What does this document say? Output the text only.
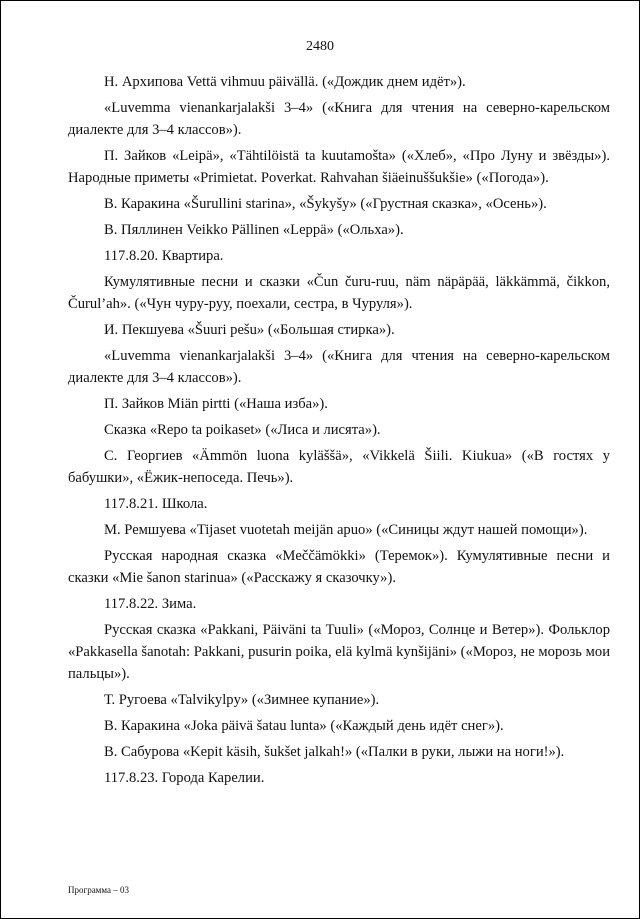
2480

Н. Архипова Vettä vihmuu päivällä. («Дождик днем идёт»).

«Luvemma vienankarjalakši 3–4» («Книга для чтения на северно-карельском диалекте для 3–4 классов»).

П. Зайков «Leipä», «Tähtilöistä ta kuutamošta» («Хлеб», «Про Луну и звёзды»). Народные приметы «Primietat. Poverkat. Rahvahan šiäeinuššukšie» («Погода»).

В. Каракина «Šurullini starina», «Šykyšy» («Грустная сказка», «Осень»).

В. Пяллинен Veikko Pällinen «Leppä» («Ольха»).

117.8.20. Квартира.

Кумулятивные песни и сказки «Čun čuru-ruu, näm näpäpää, läkkämmä, čikkon, Čurul’ah». («Чун чуру-руу, поехали, сестра, в Чуруля»).

И. Пекшуева «Šuuri pešu» («Большая стирка»).

«Luvemma vienankarjalakši 3–4» («Книга для чтения на северно-карельском диалекте для 3–4 классов»).

П. Зайков Miän pirtti («Наша изба»).

Сказка «Repo ta poikaset» («Лиса и лисята»).

С. Георгиев «Ämmön luona kyläššä», «Vikkelä Šiili. Kiukua» («В гостях у бабушки», «Ёжик-непоседа. Печь»).

117.8.21. Школа.

М. Ремшуева «Tijaset vuotetah meijän apuo» («Синицы ждут нашей помощи»).

Русская народная сказка «Meččämökki» (Теремок»). Кумулятивные песни и сказки «Mie šanon starinua» («Расскажу я сказочку»).

117.8.22. Зима.

Русская сказка «Pakkani, Päiväni ta Tuuli» («Мороз, Солнце и Ветер»). Фольклор «Pakkasella šanotah: Pakkani, pusurin poika, elä kylmä kynšijäni» («Мороз, не морозь мои пальцы»).

Т. Ругоева «Talvikylpy» («Зимнее купание»).

В. Каракина «Joka päivä šatau lunta» («Каждый день идёт снег»).

В. Сабурова «Kepit käsih, šukšet jalkah!» («Палки в руки, лыжи на ноги!»).

117.8.23. Города Карелии.

Программа – 03
